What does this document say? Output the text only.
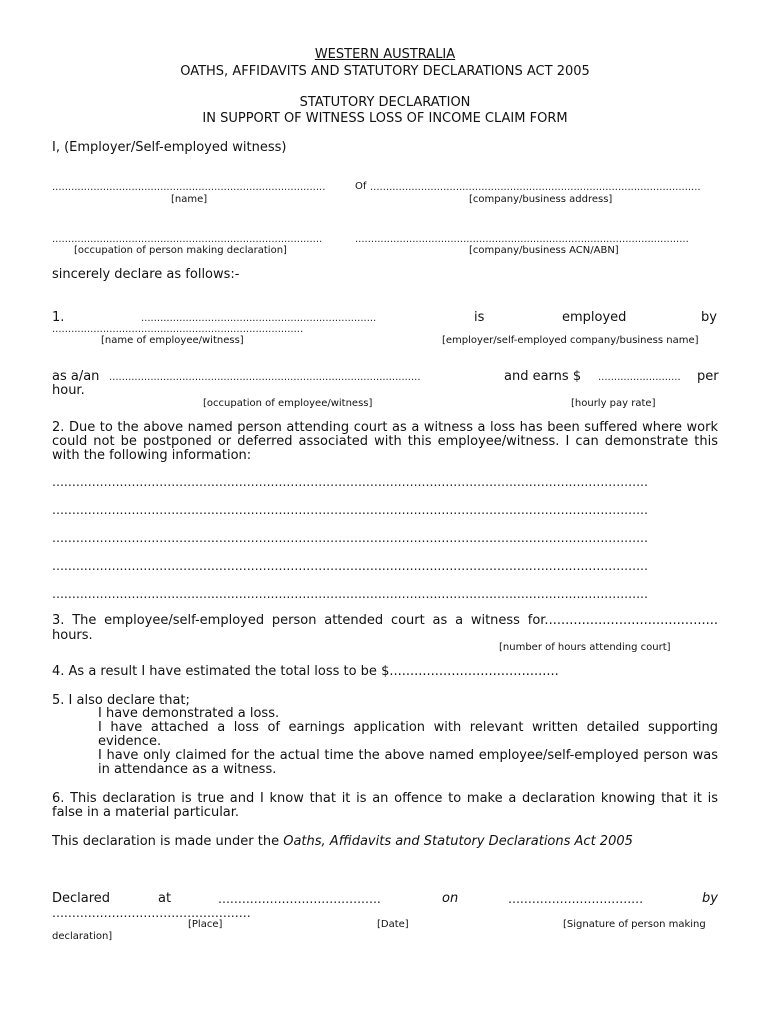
WESTERN AUSTRALIA
OATHS, AFFIDAVITS AND STATUTORY DECLARATIONS ACT 2005
STATUTORY DECLARATION
IN SUPPORT OF WITNESS LOSS OF INCOME CLAIM FORM
I, (Employer/Self-employed witness)
......................................................................................	Of ........................................................................................................
[name]	[company/business address]
.....................................................................................	.........................................................................................................
[occupation of person making declaration]	[company/business ACN/ABN]
sincerely declare as follows:-
1.	..........................................................................	is	employed	by
...............................................................................
[name of employee/witness]	[employer/self-employed company/business name]
as a/an ..................................................................................................	and earns $ .......................... per
hour.
[occupation of employee/witness]	[hourly pay rate]
2. Due to the above named person attending court as a witness a loss has been suffered where work could not be postponed or deferred associated with this employee/witness. I can demonstrate this with the following information:
......................................................................................................................................................
......................................................................................................................................................
......................................................................................................................................................
......................................................................................................................................................
......................................................................................................................................................
3. The employee/self-employed person attended court as a witness for..........................................
hours.
[number of hours attending court]
4. As a result I have estimated the total loss to be $.........................................
5. I also declare that;
I have demonstrated a loss.
I have attached a loss of earnings application with relevant written detailed supporting evidence.
I have only claimed for the actual time the above named employee/self-employed person was in attendance as a witness.
6. This declaration is true and I know that it is an offence to make a declaration knowing that it is false in a material particular.
This declaration is made under the Oaths, Affidavits and Statutory Declarations Act 2005
Declared	at	.........................................	on	..................................	by
..................................................
[Place]	[Date]	[Signature of person making
declaration]
